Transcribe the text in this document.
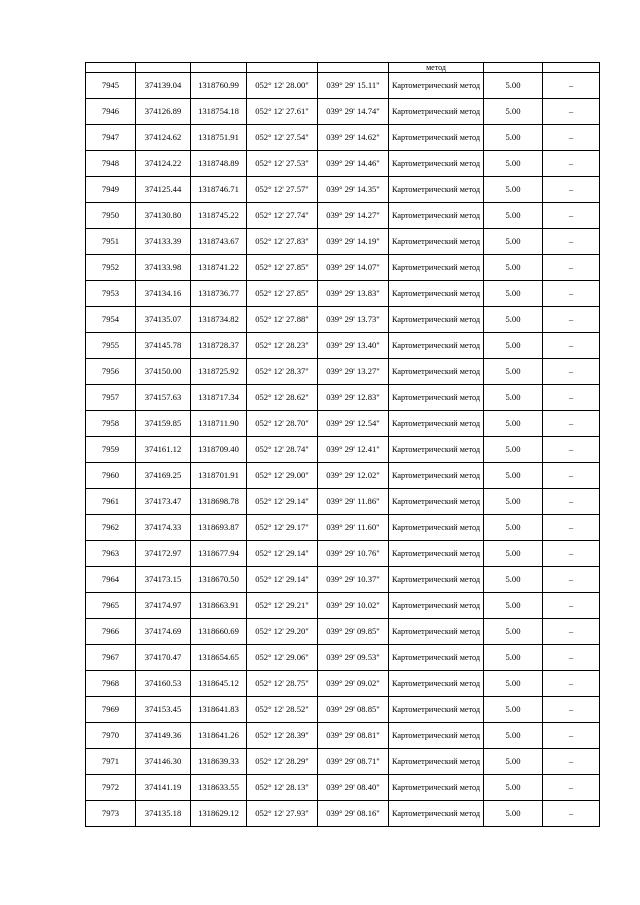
					метод		
7945	374139.04	1318760.99	052° 12' 28.00"	039° 29' 15.11"	Картометрический метод	5.00	–
7946	374126.89	1318754.18	052° 12' 27.61"	039° 29' 14.74"	Картометрический метод	5.00	–
7947	374124.62	1318751.91	052° 12' 27.54"	039° 29' 14.62"	Картометрический метод	5.00	–
7948	374124.22	1318748.89	052° 12' 27.53"	039° 29' 14.46"	Картометрический метод	5.00	–
7949	374125.44	1318746.71	052° 12' 27.57"	039° 29' 14.35"	Картометрический метод	5.00	–
7950	374130.80	1318745.22	052° 12' 27.74"	039° 29' 14.27"	Картометрический метод	5.00	–
7951	374133.39	1318743.67	052° 12' 27.83"	039° 29' 14.19"	Картометрический метод	5.00	–
7952	374133.98	1318741.22	052° 12' 27.85"	039° 29' 14.07"	Картометрический метод	5.00	–
7953	374134.16	1318736.77	052° 12' 27.85"	039° 29' 13.83"	Картометрический метод	5.00	–
7954	374135.07	1318734.82	052° 12' 27.88"	039° 29' 13.73"	Картометрический метод	5.00	–
7955	374145.78	1318728.37	052° 12' 28.23"	039° 29' 13.40"	Картометрический метод	5.00	–
7956	374150.00	1318725.92	052° 12' 28.37"	039° 29' 13.27"	Картометрический метод	5.00	–
7957	374157.63	1318717.34	052° 12' 28.62"	039° 29' 12.83"	Картометрический метод	5.00	–
7958	374159.85	1318711.90	052° 12' 28.70"	039° 29' 12.54"	Картометрический метод	5.00	–
7959	374161.12	1318709.40	052° 12' 28.74"	039° 29' 12.41"	Картометрический метод	5.00	–
7960	374169.25	1318701.91	052° 12' 29.00"	039° 29' 12.02"	Картометрический метод	5.00	–
7961	374173.47	1318698.78	052° 12' 29.14"	039° 29' 11.86"	Картометрический метод	5.00	–
7962	374174.33	1318693.87	052° 12' 29.17"	039° 29' 11.60"	Картометрический метод	5.00	–
7963	374172.97	1318677.94	052° 12' 29.14"	039° 29' 10.76"	Картометрический метод	5.00	–
7964	374173.15	1318670.50	052° 12' 29.14"	039° 29' 10.37"	Картометрический метод	5.00	–
7965	374174.97	1318663.91	052° 12' 29.21"	039° 29' 10.02"	Картометрический метод	5.00	–
7966	374174.69	1318660.69	052° 12' 29.20"	039° 29' 09.85"	Картометрический метод	5.00	–
7967	374170.47	1318654.65	052° 12' 29.06"	039° 29' 09.53"	Картометрический метод	5.00	–
7968	374160.53	1318645.12	052° 12' 28.75"	039° 29' 09.02"	Картометрический метод	5.00	–
7969	374153.45	1318641.83	052° 12' 28.52"	039° 29' 08.85"	Картометрический метод	5.00	–
7970	374149.36	1318641.26	052° 12' 28.39"	039° 29' 08.81"	Картометрический метод	5.00	–
7971	374146.30	1318639.33	052° 12' 28.29"	039° 29' 08.71"	Картометрический метод	5.00	–
7972	374141.19	1318633.55	052° 12' 28.13"	039° 29' 08.40"	Картометрический метод	5.00	–
7973	374135.18	1318629.12	052° 12' 27.93"	039° 29' 08.16"	Картометрический метод	5.00	–
